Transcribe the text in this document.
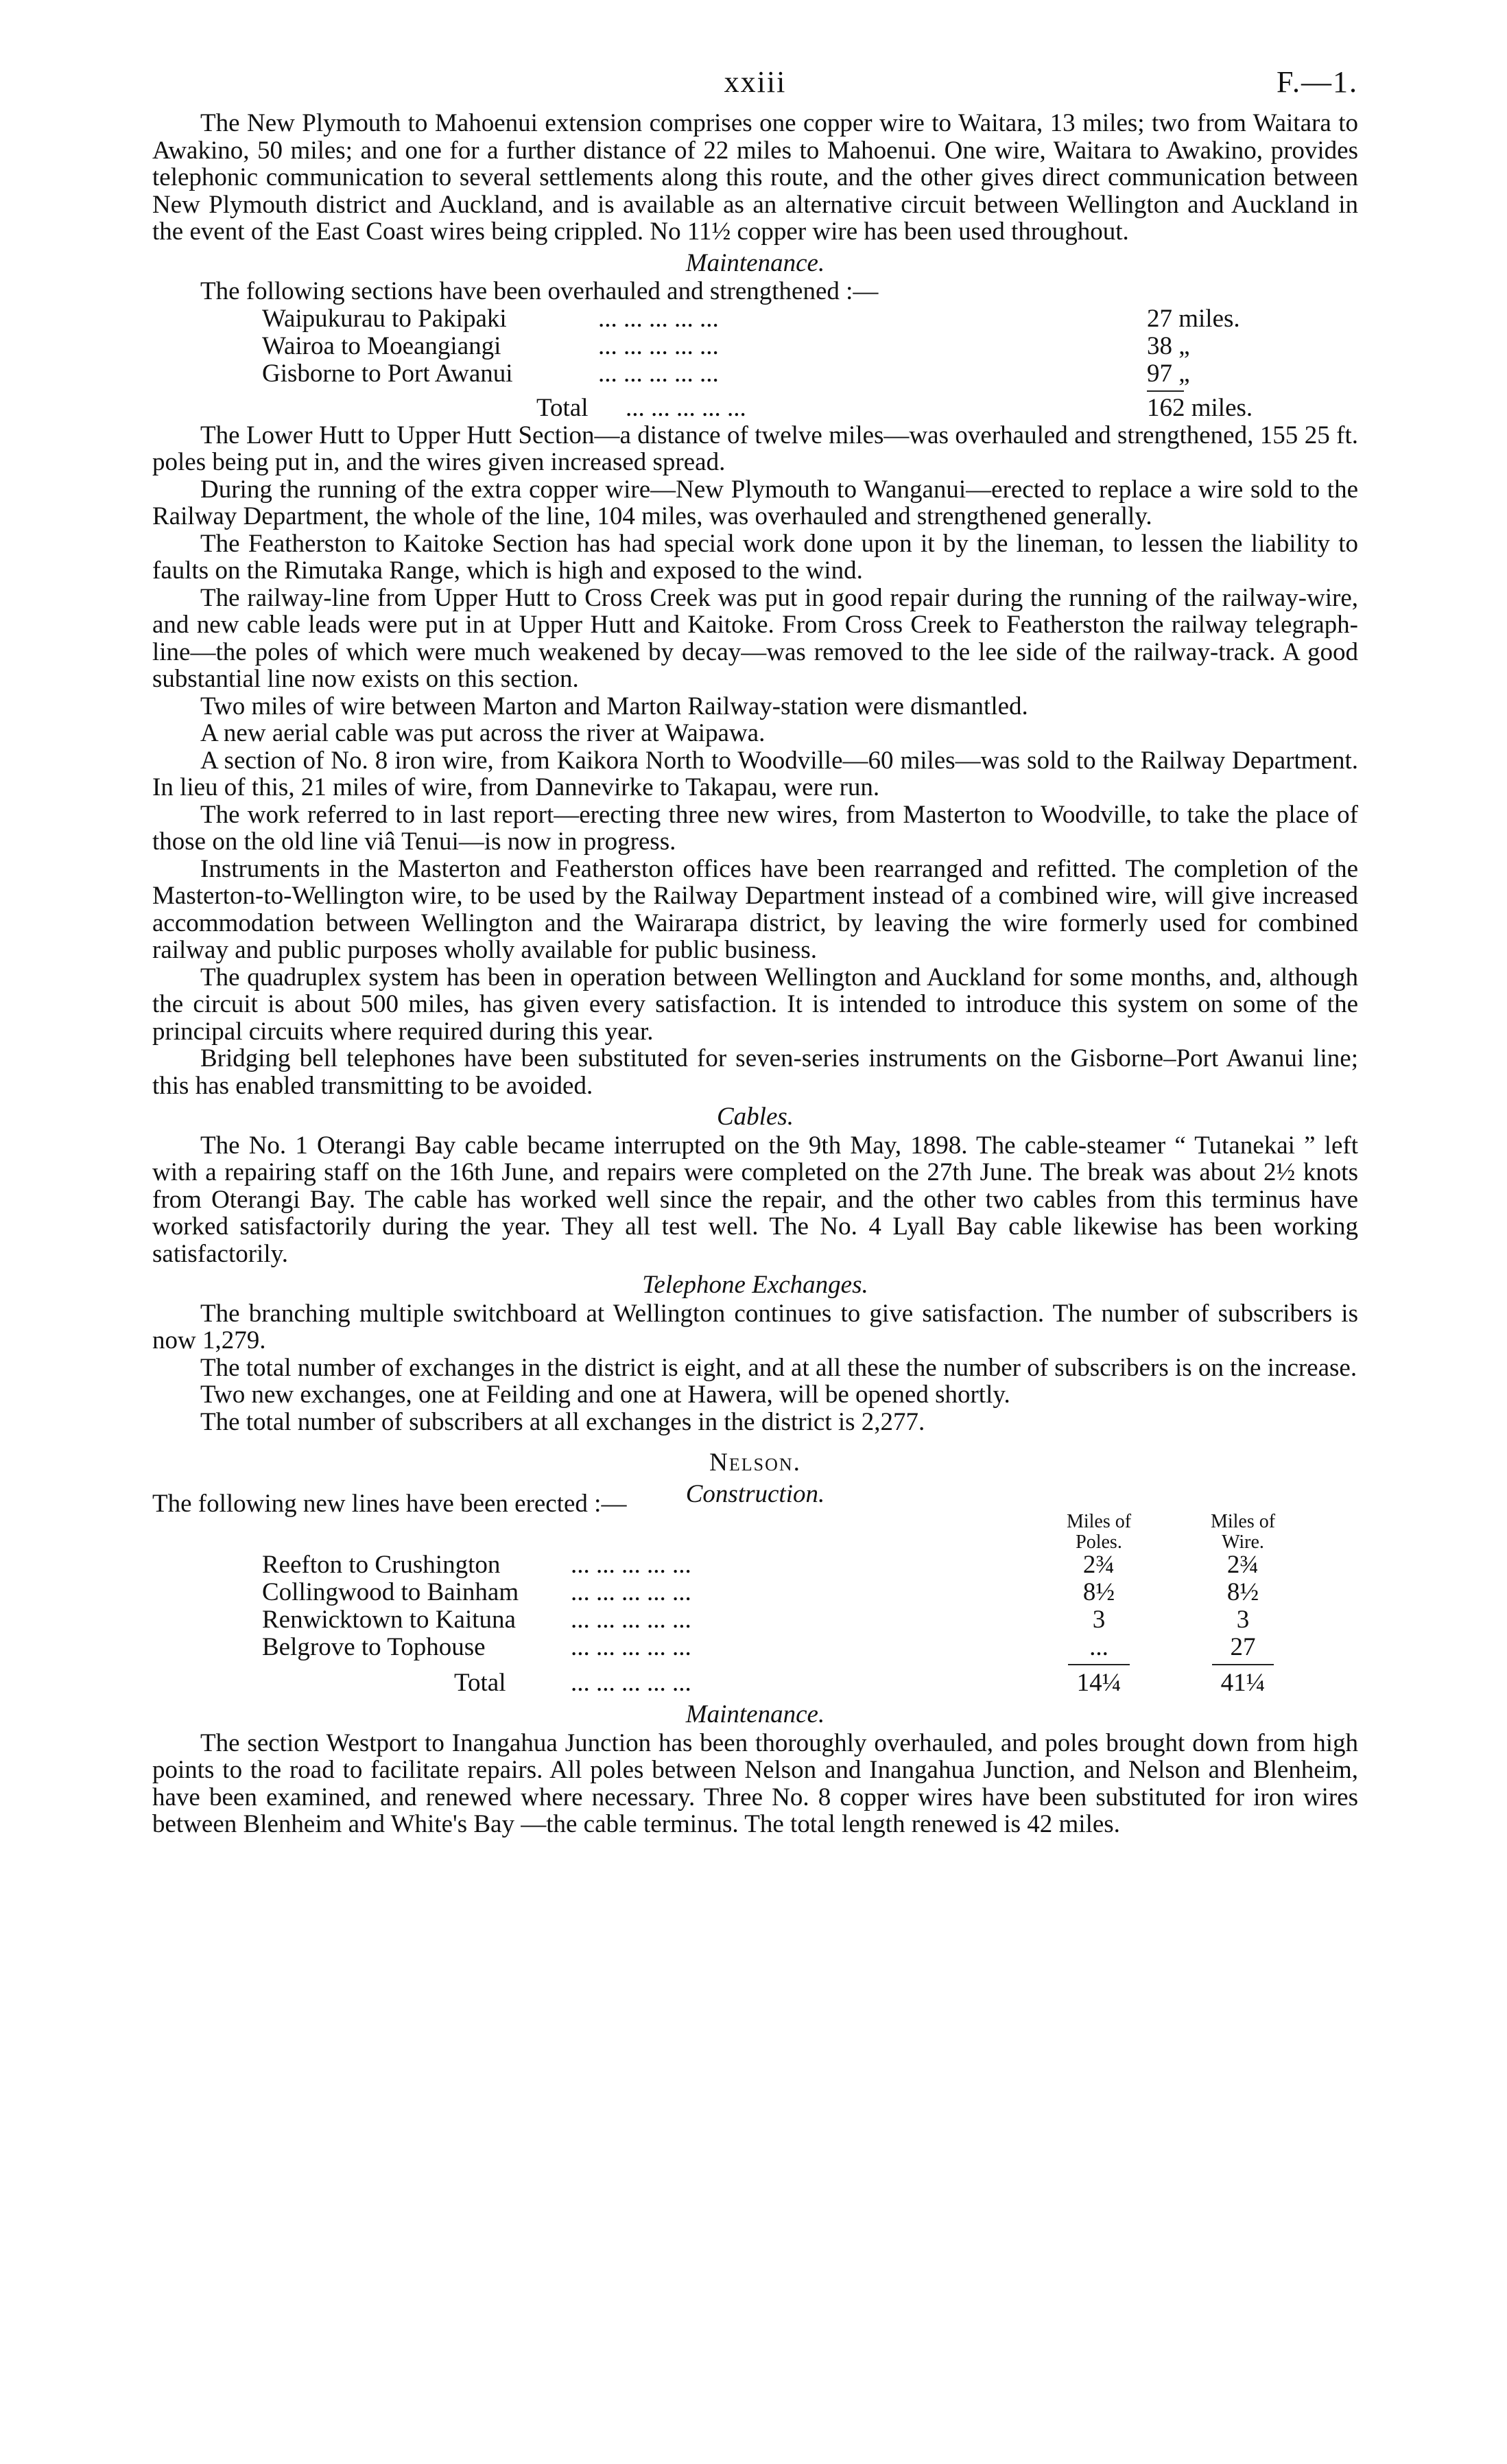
xxiii	F.—1.

The New Plymouth to Mahoenui extension comprises one copper wire to Waitara, 13 miles; two from Waitara to Awakino, 50 miles; and one for a further distance of 22 miles to Mahoenui. One wire, Waitara to Awakino, provides telephonic communication to several settlements along this route, and the other gives direct communication between New Plymouth district and Auckland, and is available as an alternative circuit between Wellington and Auckland in the event of the East Coast wires being crippled. No 11½ copper wire has been used throughout.

Maintenance.

The following sections have been overhauled and strengthened :—

Waipukurau to Pakipaki	... ... ... ... ...	27 miles.
Wairoa to Moeangiangi	... ... ... ... ...	38 „
Gisborne to Port Awanui	... ... ... ... ...	97 „
Total ... ... ... ... ...	162 miles.

The Lower Hutt to Upper Hutt Section—a distance of twelve miles—was overhauled and strengthened, 155 25 ft. poles being put in, and the wires given increased spread.

During the running of the extra copper wire—New Plymouth to Wanganui—erected to replace a wire sold to the Railway Department, the whole of the line, 104 miles, was overhauled and strengthened generally.

The Featherston to Kaitoke Section has had special work done upon it by the lineman, to lessen the liability to faults on the Rimutaka Range, which is high and exposed to the wind.

The railway-line from Upper Hutt to Cross Creek was put in good repair during the running of the railway-wire, and new cable leads were put in at Upper Hutt and Kaitoke. From Cross Creek to Featherston the railway telegraph-line—the poles of which were much weakened by decay—was removed to the lee side of the railway-track. A good substantial line now exists on this section.

Two miles of wire between Marton and Marton Railway-station were dismantled.

A new aerial cable was put across the river at Waipawa.

A section of No. 8 iron wire, from Kaikora North to Woodville—60 miles—was sold to the Railway Department. In lieu of this, 21 miles of wire, from Dannevirke to Takapau, were run.

The work referred to in last report—erecting three new wires, from Masterton to Woodville, to take the place of those on the old line viâ Tenui—is now in progress.

Instruments in the Masterton and Featherston offices have been rearranged and refitted. The completion of the Masterton-to-Wellington wire, to be used by the Railway Department instead of a combined wire, will give increased accommodation between Wellington and the Wairarapa district, by leaving the wire formerly used for combined railway and public purposes wholly available for public business.

The quadruplex system has been in operation between Wellington and Auckland for some months, and, although the circuit is about 500 miles, has given every satisfaction. It is intended to introduce this system on some of the principal circuits where required during this year.

Bridging bell telephones have been substituted for seven-series instruments on the Gisborne–Port Awanui line; this has enabled transmitting to be avoided.

Cables.

The No. 1 Oterangi Bay cable became interrupted on the 9th May, 1898. The cable-steamer “ Tutanekai ” left with a repairing staff on the 16th June, and repairs were completed on the 27th June. The break was about 2½ knots from Oterangi Bay. The cable has worked well since the repair, and the other two cables from this terminus have worked satisfactorily during the year. They all test well. The No. 4 Lyall Bay cable likewise has been working satisfactorily.

Telephone Exchanges.

The branching multiple switchboard at Wellington continues to give satisfaction. The number of subscribers is now 1,279.

The total number of exchanges in the district is eight, and at all these the number of subscribers is on the increase.

Two new exchanges, one at Feilding and one at Hawera, will be opened shortly.

The total number of subscribers at all exchanges in the district is 2,277.

Nelson.
Construction.
The following new lines have been erected :—
Miles of Poles.
Miles of Wire.
Reefton to Crushington	... ... ... ... ...	2¾	2¾
Collingwood to Bainham ... ... ... ... ...	8½	8½
Renwicktown to Kaituna ... ... ... ... ...	3	3
Belgrove to Tophouse	... ... ... ... ...	...	27
Total	... ... ... ... ...	14¼	41¼
Maintenance.

The section Westport to Inangahua Junction has been thoroughly overhauled, and poles brought down from high points to the road to facilitate repairs. All poles between Nelson and Inangahua Junction, and Nelson and Blenheim, have been examined, and renewed where necessary. Three No. 8 copper wires have been substituted for iron wires between Blenheim and White's Bay —the cable terminus. The total length renewed is 42 miles.
